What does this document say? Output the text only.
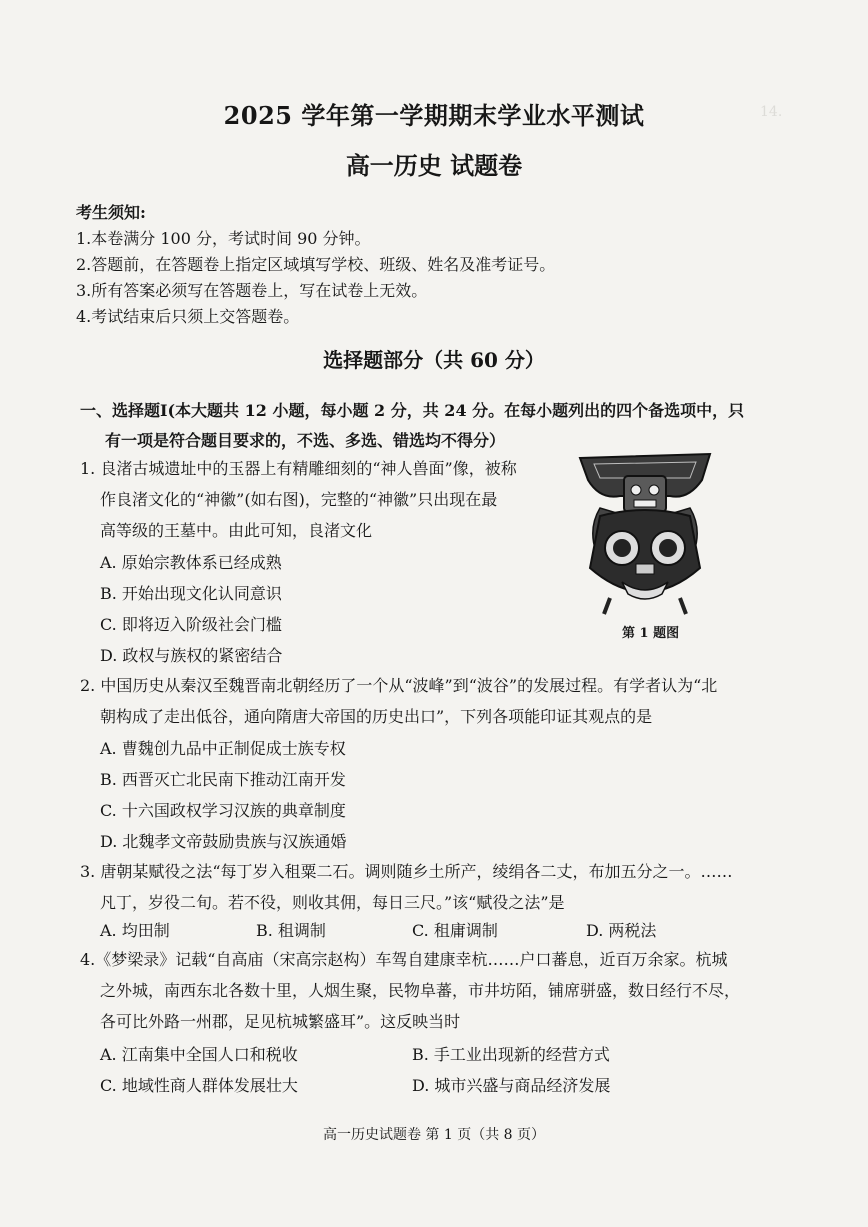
14.
2025 学年第一学期期末学业水平测试
高一历史 试题卷
考生须知:
1.本卷满分 100 分，考试时间 90 分钟。
2.答题前，在答题卷上指定区域填写学校、班级、姓名及准考证号。
3.所有答案必须写在答题卷上，写在试卷上无效。
4.考试结束后只须上交答题卷。
选择题部分（共 60 分）
一、选择题Ⅰ(本大题共 12 小题，每小题 2 分，共 24 分。在每小题列出的四个备选项中，只
有一项是符合题目要求的，不选、多选、错选均不得分）
1. 良渚古城遗址中的玉器上有精雕细刻的“神人兽面”像，被称
作良渚文化的“神徽”(如右图)，完整的“神徽”只出现在最
高等级的王墓中。由此可知，良渚文化
A. 原始宗教体系已经成熟
B. 开始出现文化认同意识
C. 即将迈入阶级社会门槛
D. 政权与族权的紧密结合
第 1 题图
2. 中国历史从秦汉至魏晋南北朝经历了一个从“波峰”到“波谷”的发展过程。有学者认为“北
朝构成了走出低谷，通向隋唐大帝国的历史出口”，下列各项能印证其观点的是
A. 曹魏创九品中正制促成士族专权
B. 西晋灭亡北民南下推动江南开发
C. 十六国政权学习汉族的典章制度
D. 北魏孝文帝鼓励贵族与汉族通婚
3. 唐朝某赋役之法“每丁岁入租粟二石。调则随乡土所产，绫绢各二丈，布加五分之一。……
凡丁，岁役二旬。若不役，则收其佣，每日三尺。”该“赋役之法”是
A. 均田制	B. 租调制	C. 租庸调制	D. 两税法
4.《梦梁录》记载“自高庙（宋高宗赵构）车驾自建康幸杭……户口蕃息，近百万余家。杭城
之外城，南西东北各数十里，人烟生聚，民物阜蕃，市井坊陌，铺席骈盛，数日经行不尽，
各可比外路一州郡，足见杭城繁盛耳”。这反映当时
A. 江南集中全国人口和税收	B. 手工业出现新的经营方式
C. 地域性商人群体发展壮大	D. 城市兴盛与商品经济发展
高一历史试题卷 第 1 页（共 8 页）
